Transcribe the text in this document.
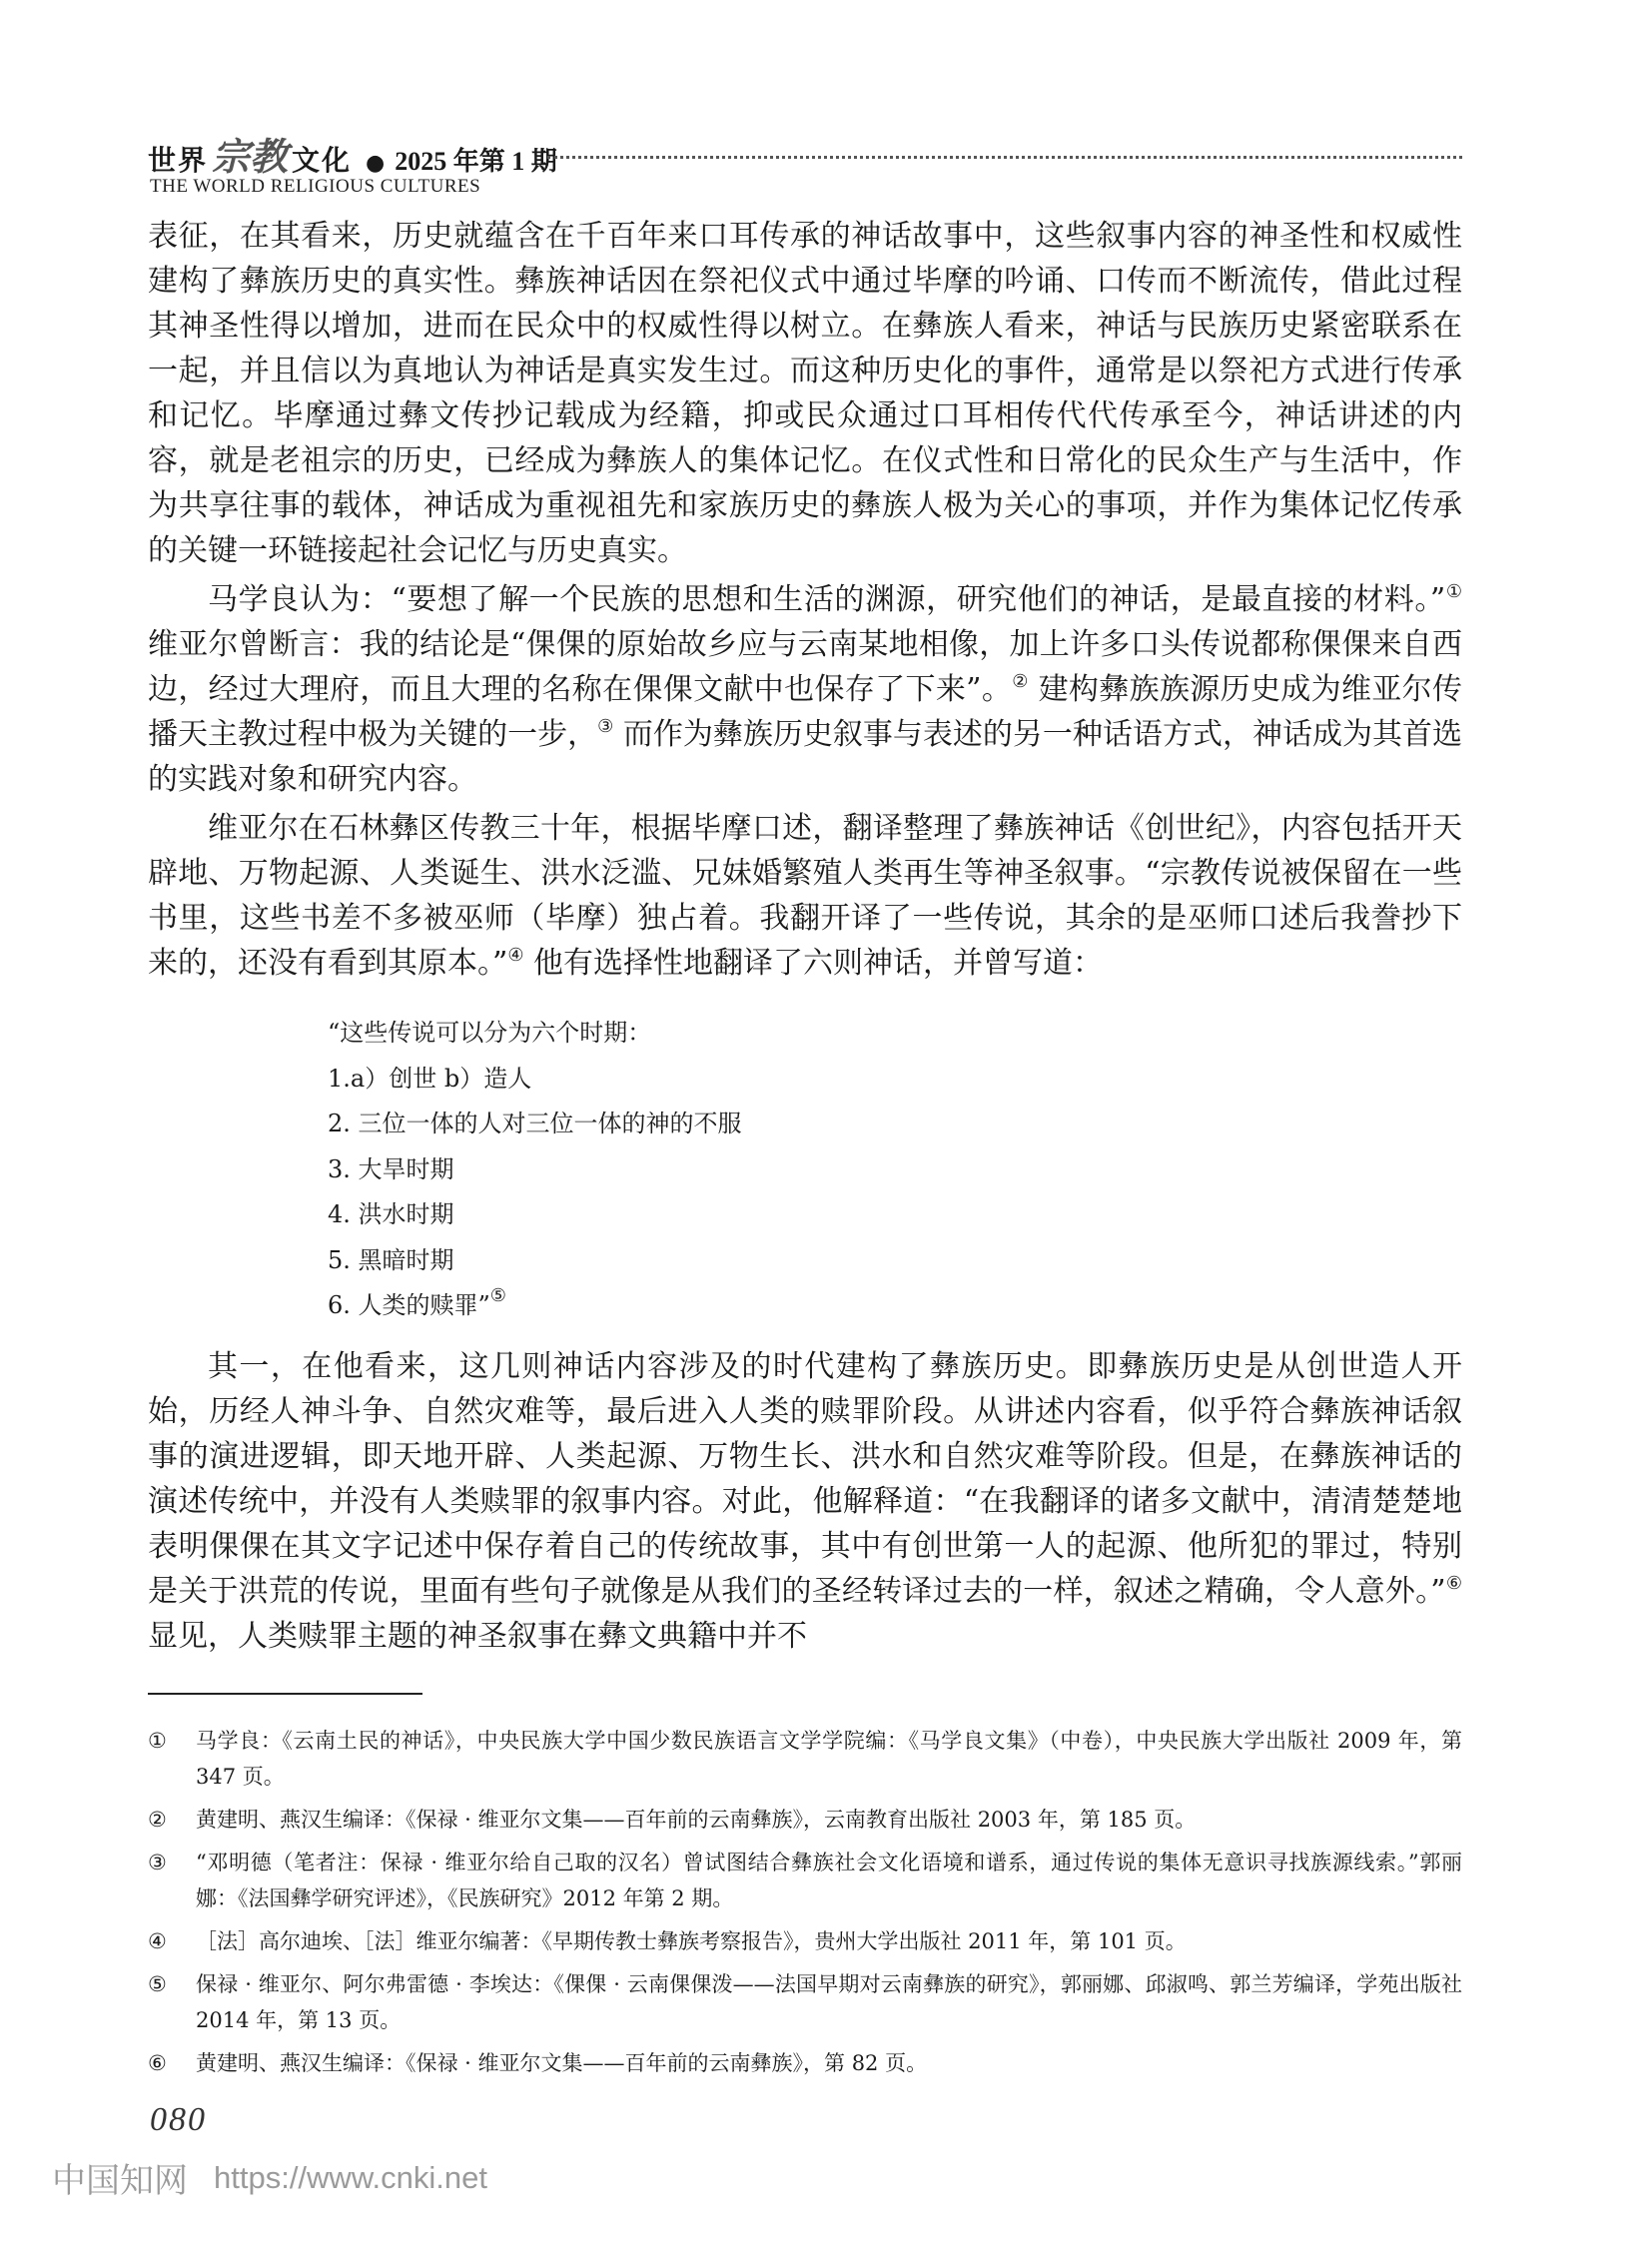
世界 宗教 文化 ● 2025 年第 1 期
THE WORLD RELIGIOUS CULTURES

表征，在其看来，历史就蕴含在千百年来口耳传承的神话故事中，这些叙事内容的神圣性和权威性建构了彝族历史的真实性。彝族神话因在祭祀仪式中通过毕摩的吟诵、口传而不断流传，借此过程其神圣性得以增加，进而在民众中的权威性得以树立。在彝族人看来，神话与民族历史紧密联系在一起，并且信以为真地认为神话是真实发生过。而这种历史化的事件，通常是以祭祀方式进行传承和记忆。毕摩通过彝文传抄记载成为经籍，抑或民众通过口耳相传代代传承至今，神话讲述的内容，就是老祖宗的历史，已经成为彝族人的集体记忆。在仪式性和日常化的民众生产与生活中，作为共享往事的载体，神话成为重视祖先和家族历史的彝族人极为关心的事项，并作为集体记忆传承的关键一环链接起社会记忆与历史真实。

马学良认为：“要想了解一个民族的思想和生活的渊源，研究他们的神话，是最直接的材料。”① 维亚尔曾断言：我的结论是“倮倮的原始故乡应与云南某地相像，加上许多口头传说都称倮倮来自西边，经过大理府，而且大理的名称在倮倮文献中也保存了下来”。② 建构彝族族源历史成为维亚尔传播天主教过程中极为关键的一步，③ 而作为彝族历史叙事与表述的另一种话语方式，神话成为其首选的实践对象和研究内容。

维亚尔在石林彝区传教三十年，根据毕摩口述，翻译整理了彝族神话《创世纪》，内容包括开天辟地、万物起源、人类诞生、洪水泛滥、兄妹婚繁殖人类再生等神圣叙事。“宗教传说被保留在一些书里，这些书差不多被巫师（毕摩）独占着。我翻开译了一些传说，其余的是巫师口述后我誊抄下来的，还没有看到其原本。”④ 他有选择性地翻译了六则神话，并曾写道：

“这些传说可以分为六个时期：
1.a）创世 b）造人
2. 三位一体的人对三位一体的神的不服
3. 大旱时期
4. 洪水时期
5. 黑暗时期
6. 人类的赎罪”⑤

其一，在他看来，这几则神话内容涉及的时代建构了彝族历史。即彝族历史是从创世造人开始，历经人神斗争、自然灾难等，最后进入人类的赎罪阶段。从讲述内容看，似乎符合彝族神话叙事的演进逻辑，即天地开辟、人类起源、万物生长、洪水和自然灾难等阶段。但是，在彝族神话的演述传统中，并没有人类赎罪的叙事内容。对此，他解释道：“在我翻译的诸多文献中，清清楚楚地表明倮倮在其文字记述中保存着自己的传统故事，其中有创世第一人的起源、他所犯的罪过，特别是关于洪荒的传说，里面有些句子就像是从我们的圣经转译过去的一样，叙述之精确，令人意外。”⑥ 显见，人类赎罪主题的神圣叙事在彝文典籍中并不

①	马学良：《云南土民的神话》，中央民族大学中国少数民族语言文学学院编：《马学良文集》（中卷），中央民族大学出版社 2009 年，第 347 页。
②	黄建明、燕汉生编译：《保禄 · 维亚尔文集——百年前的云南彝族》，云南教育出版社 2003 年，第 185 页。
③	“邓明德（笔者注：保禄 · 维亚尔给自己取的汉名）曾试图结合彝族社会文化语境和谱系，通过传说的集体无意识寻找族源线索。”郭丽娜：《法国彝学研究评述》，《民族研究》2012 年第 2 期。
④	［法］高尔迪埃、［法］维亚尔编著：《早期传教士彝族考察报告》，贵州大学出版社 2011 年，第 101 页。
⑤	保禄 · 维亚尔、阿尔弗雷德 · 李埃达：《倮倮 · 云南倮倮泼——法国早期对云南彝族的研究》，郭丽娜、邱淑鸣、郭兰芳编译，学苑出版社 2014 年，第 13 页。
⑥	黄建明、燕汉生编译：《保禄 · 维亚尔文集——百年前的云南彝族》，第 82 页。
080
中国知网 https://www.cnki.net
